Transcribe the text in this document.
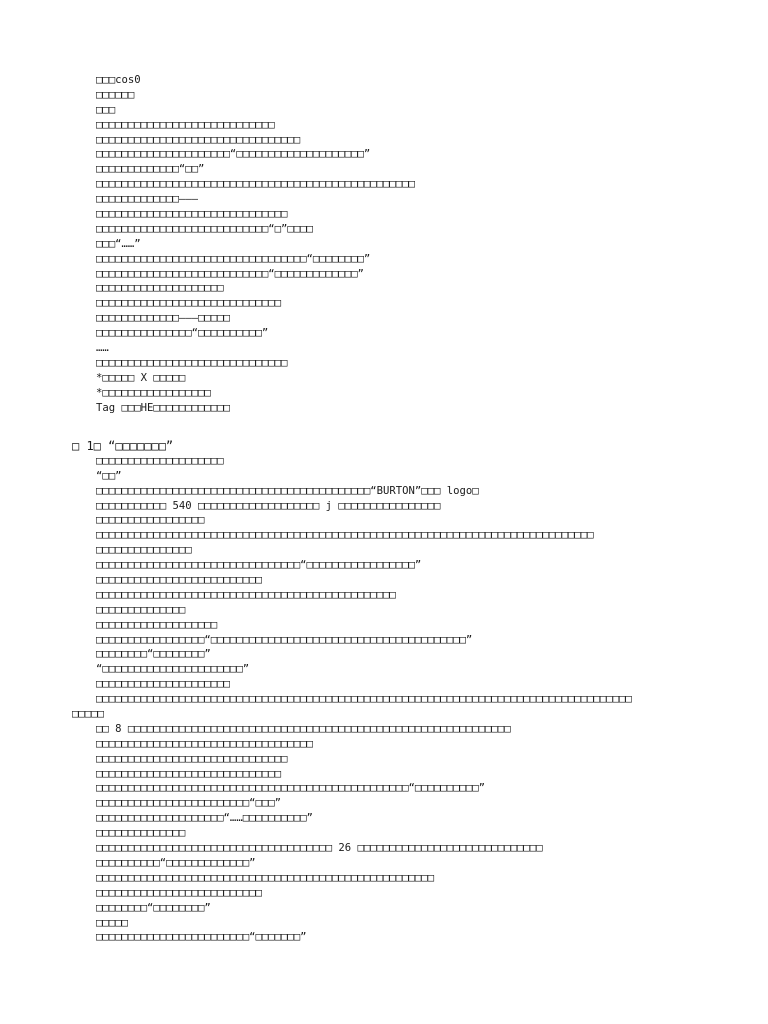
□□□cos0
□□□□□□
□□□
□□□□□□□□□□□□□□□□□□□□□□□□□□□□
□□□□□□□□□□□□□□□□□□□□□□□□□□□□□□□□
□□□□□□□□□□□□□□□□□□□□□“□□□□□□□□□□□□□□□□□□□□”
□□□□□□□□□□□□□“□□”
□□□□□□□□□□□□□□□□□□□□□□□□□□□□□□□□□□□□□□□□□□□□□□□□□□
□□□□□□□□□□□□□———
□□□□□□□□□□□□□□□□□□□□□□□□□□□□□□
□□□□□□□□□□□□□□□□□□□□□□□□□□□“□”□□□□
□□□“……”
□□□□□□□□□□□□□□□□□□□□□□□□□□□□□□□□□“□□□□□□□□”
□□□□□□□□□□□□□□□□□□□□□□□□□□□“□□□□□□□□□□□□□”
□□□□□□□□□□□□□□□□□□□□
□□□□□□□□□□□□□□□□□□□□□□□□□□□□□
□□□□□□□□□□□□□———□□□□□
□□□□□□□□□□□□□□□“□□□□□□□□□□”
……
□□□□□□□□□□□□□□□□□□□□□□□□□□□□□□
*□□□□□ X □□□□□
*□□□□□□□□□□□□□□□□□
Tag □□□HE□□□□□□□□□□□□
□ 1□ “□□□□□□□”
□□□□□□□□□□□□□□□□□□□□
“□□”
□□□□□□□□□□□□□□□□□□□□□□□□□□□□□□□□□□□□□□□□□□□“BURTON”□□□ logo□
□□□□□□□□□□□ 540 □□□□□□□□□□□□□□□□□□□ j □□□□□□□□□□□□□□□□
□□□□□□□□□□□□□□□□□
□□□□□□□□□□□□□□□□□□□□□□□□□□□□□□□□□□□□□□□□□□□□□□□□□□□□□□□□□□□□□□□□□□□□□□□□□□□□□□
□□□□□□□□□□□□□□□
□□□□□□□□□□□□□□□□□□□□□□□□□□□□□□□□“□□□□□□□□□□□□□□□□□”
□□□□□□□□□□□□□□□□□□□□□□□□□□
□□□□□□□□□□□□□□□□□□□□□□□□□□□□□□□□□□□□□□□□□□□□□□□
□□□□□□□□□□□□□□
□□□□□□□□□□□□□□□□□□□
□□□□□□□□□□□□□□□□□“□□□□□□□□□□□□□□□□□□□□□□□□□□□□□□□□□□□□□□□□”
□□□□□□□□“□□□□□□□□”
“□□□□□□□□□□□□□□□□□□□□□□”
□□□□□□□□□□□□□□□□□□□□□
□□□□□□□□□□□□□□□□□□□□□□□□□□□□□□□□□□□□□□□□□□□□□□□□□□□□□□□□□□□□□□□□□□□□□□□□□□□□□□□□□□□□
□□□□□
□□ 8 □□□□□□□□□□□□□□□□□□□□□□□□□□□□□□□□□□□□□□□□□□□□□□□□□□□□□□□□□□□□
□□□□□□□□□□□□□□□□□□□□□□□□□□□□□□□□□□
□□□□□□□□□□□□□□□□□□□□□□□□□□□□□□
□□□□□□□□□□□□□□□□□□□□□□□□□□□□□
□□□□□□□□□□□□□□□□□□□□□□□□□□□□□□□□□□□□□□□□□□□□□□□□□“□□□□□□□□□□”
□□□□□□□□□□□□□□□□□□□□□□□□“□□□”
□□□□□□□□□□□□□□□□□□□□“……□□□□□□□□□□”
□□□□□□□□□□□□□□
□□□□□□□□□□□□□□□□□□□□□□□□□□□□□□□□□□□□□ 26 □□□□□□□□□□□□□□□□□□□□□□□□□□□□□
□□□□□□□□□□“□□□□□□□□□□□□□”
□□□□□□□□□□□□□□□□□□□□□□□□□□□□□□□□□□□□□□□□□□□□□□□□□□□□□
□□□□□□□□□□□□□□□□□□□□□□□□□□
□□□□□□□□“□□□□□□□□”
□□□□□
□□□□□□□□□□□□□□□□□□□□□□□□“□□□□□□□”
